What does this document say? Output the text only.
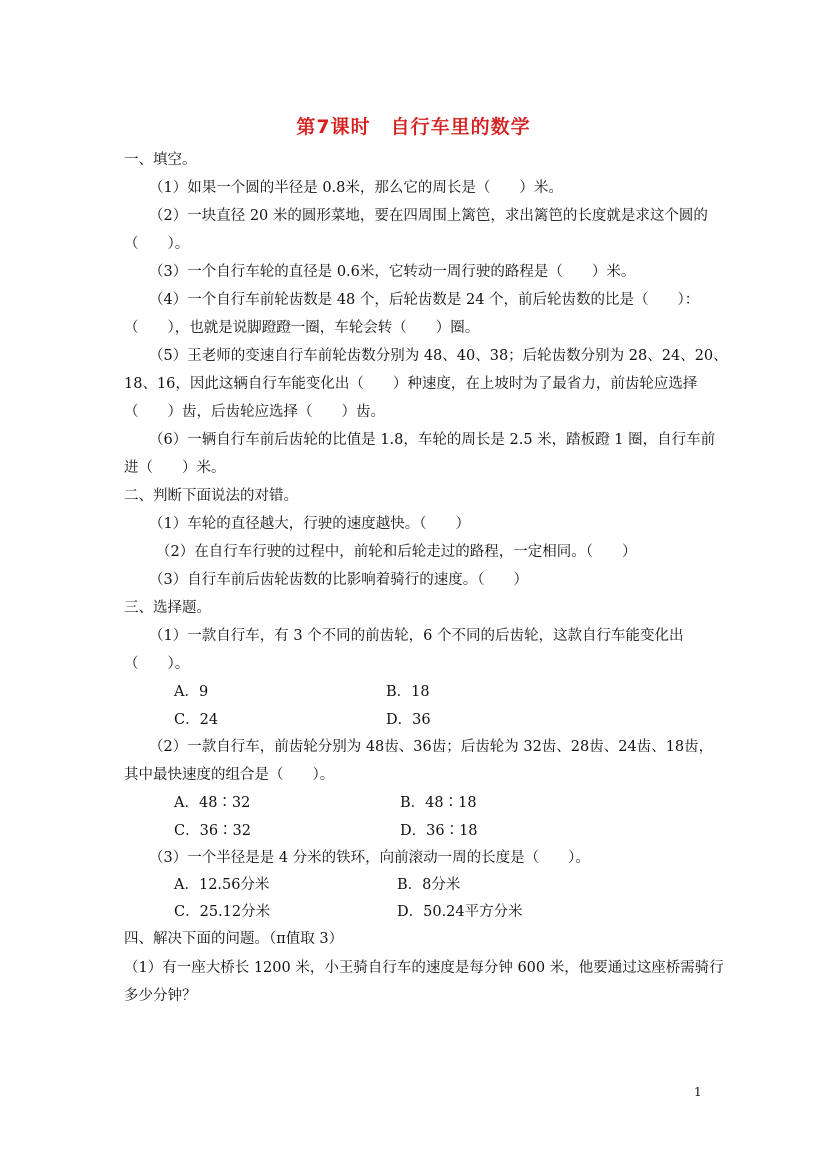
第7课时　自行车里的数学
一、填空。
（1）如果一个圆的半径是 0.8米，那么它的周长是（　　）米。
（2）一块直径 20 米的圆形菜地，要在四周围上篱笆，求出篱笆的长度就是求这个圆的
（　　）。
（3）一个自行车轮的直径是 0.6米，它转动一周行驶的路程是（　　）米。
（4）一个自行车前轮齿数是 48 个，后轮齿数是 24 个，前后轮齿数的比是（　　）：
（　　），也就是说脚蹬蹬一圈，车轮会转（　　）圈。
（5）王老师的变速自行车前轮齿数分别为 48、40、38；后轮齿数分别为 28、24、20、
18、16，因此这辆自行车能变化出（　　）种速度，在上坡时为了最省力，前齿轮应选择
（　　）齿，后齿轮应选择（　　）齿。
（6）一辆自行车前后齿轮的比值是 1.8，车轮的周长是 2.5 米，踏板蹬 1 圈，自行车前
进（　　）米。
二、判断下面说法的对错。
（1）车轮的直径越大，行驶的速度越快。（　　）
（2）在自行车行驶的过程中，前轮和后轮走过的路程，一定相同。（　　）
（3）自行车前后齿轮齿数的比影响着骑行的速度。（　　）
三、选择题。
（1）一款自行车，有 3 个不同的前齿轮，6 个不同的后齿轮，这款自行车能变化出
（　　）。
A．9	B．18
C．24	D．36
（2）一款自行车，前齿轮分别为 48齿、36齿；后齿轮为 32齿、28齿、24齿、18齿，
其中最快速度的组合是（　　）。
A．48∶32	B．48∶18
C．36∶32	D．36∶18
（3）一个半径是是 4 分米的铁环，向前滚动一周的长度是（　　）。
A．12.56分米	B．8分米
C．25.12分米	D．50.24平方分米
四、解决下面的问题。（π值取 3）
（1）有一座大桥长 1200 米，小王骑自行车的速度是每分钟 600 米，他要通过这座桥需骑行
多少分钟？
1
